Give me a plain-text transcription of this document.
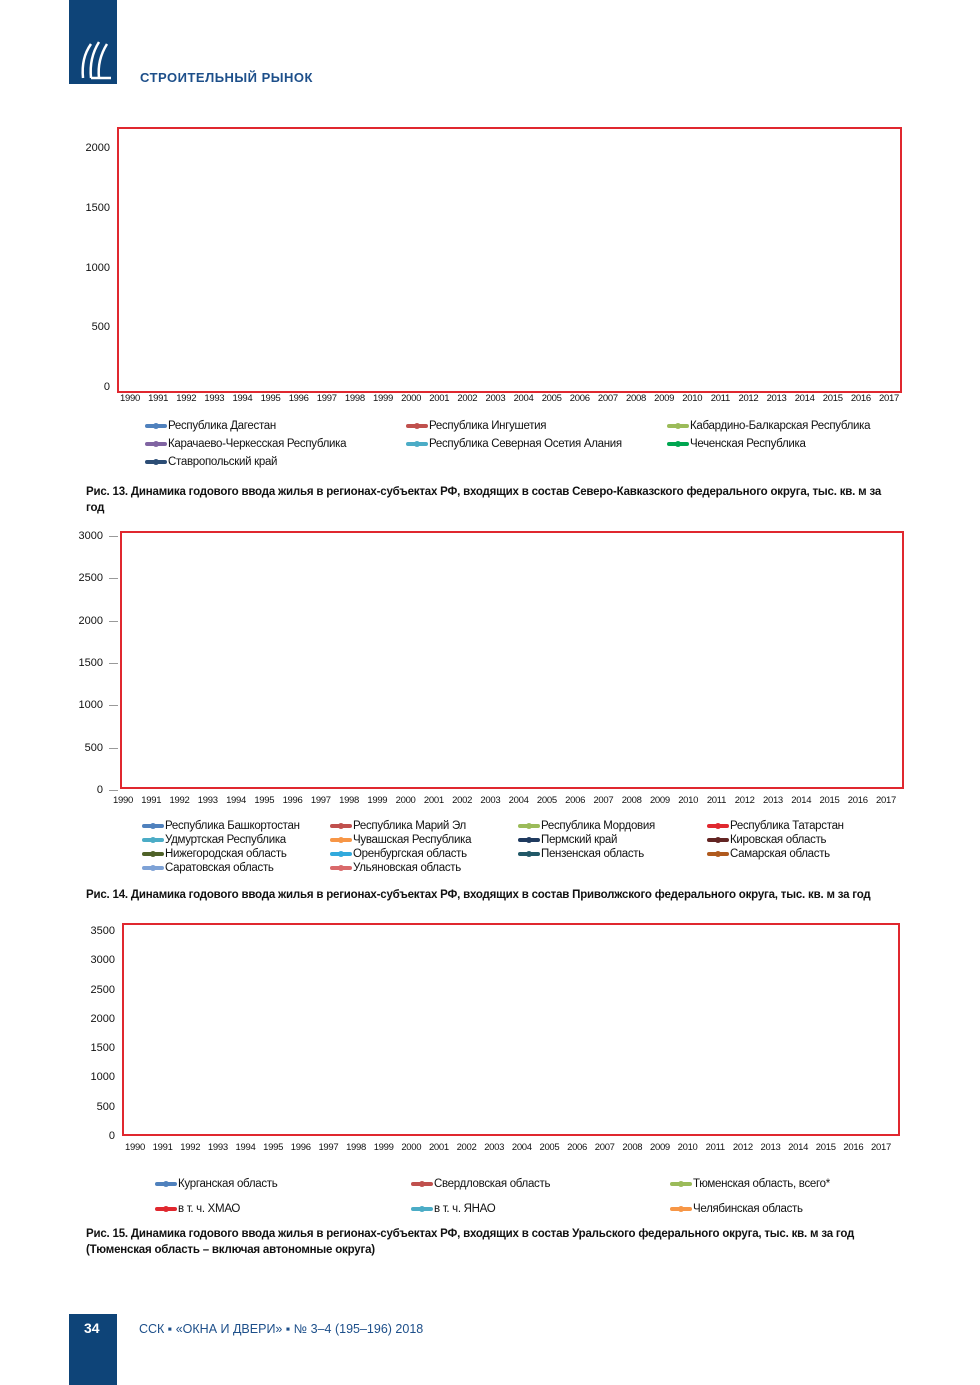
СТРОИТЕЛЬНЫЙ РЫНОК
0
500
1000
1500
2000
1990 1991 1992 1993 1994 1995 1996 1997 1998 1999 2000 2001 2002 2003 2004 2005 2006 2007 2008 2009 2010 2011 2012 2013 2014 2015 2016 2017
Республика Дагестан	Республика Ингушетия	Кабардино-Балкарская Республика
Карачаево-Черкесская Республика	Республика Северная Осетия Алания	Чеченская Республика
Ставропольский край
Рис. 13. Динамика годового ввода жилья в регионах-субъектах РФ, входящих в состав Северо-Кавказского федерального округа, тыс. кв. м за год
0
500
1000
1500
2000
2500
3000
1990 1991 1992 1993 1994 1995 1996 1997 1998 1999 2000 2001 2002 2003 2004 2005 2006 2007 2008 2009 2010 2011 2012 2013 2014 2015 2016 2017
Республика Башкортостан	Республика Марий Эл	Республика Мордовия	Республика Татарстан
Удмуртская Республика	Чувашская Республика	Пермский край	Кировская область
Нижегородская область	Оренбургская область	Пензенская область	Самарская область
Саратовская область	Ульяновская область
Рис. 14. Динамика годового ввода жилья в регионах-субъектах РФ, входящих в состав Приволжского федерального округа, тыс. кв. м за год
0
500
1000
1500
2000
2500
3000
3500
1990 1991 1992 1993 1994 1995 1996 1997 1998 1999 2000 2001 2002 2003 2004 2005 2006 2007 2008 2009 2010 2011 2012 2013 2014 2015 2016 2017
Курганская область	Свердловская область	Тюменская область, всего*
в т. ч. ХМАО	в т. ч. ЯНАО	Челябинская область
Рис. 15. Динамика годового ввода жилья в регионах-субъектах РФ, входящих в состав Уральского федерального округа, тыс. кв. м за год (Тюменская область – включая автономные округа)
34	ССК ▪ «ОКНА И ДВЕРИ» ▪ № 3–4 (195–196) 2018
